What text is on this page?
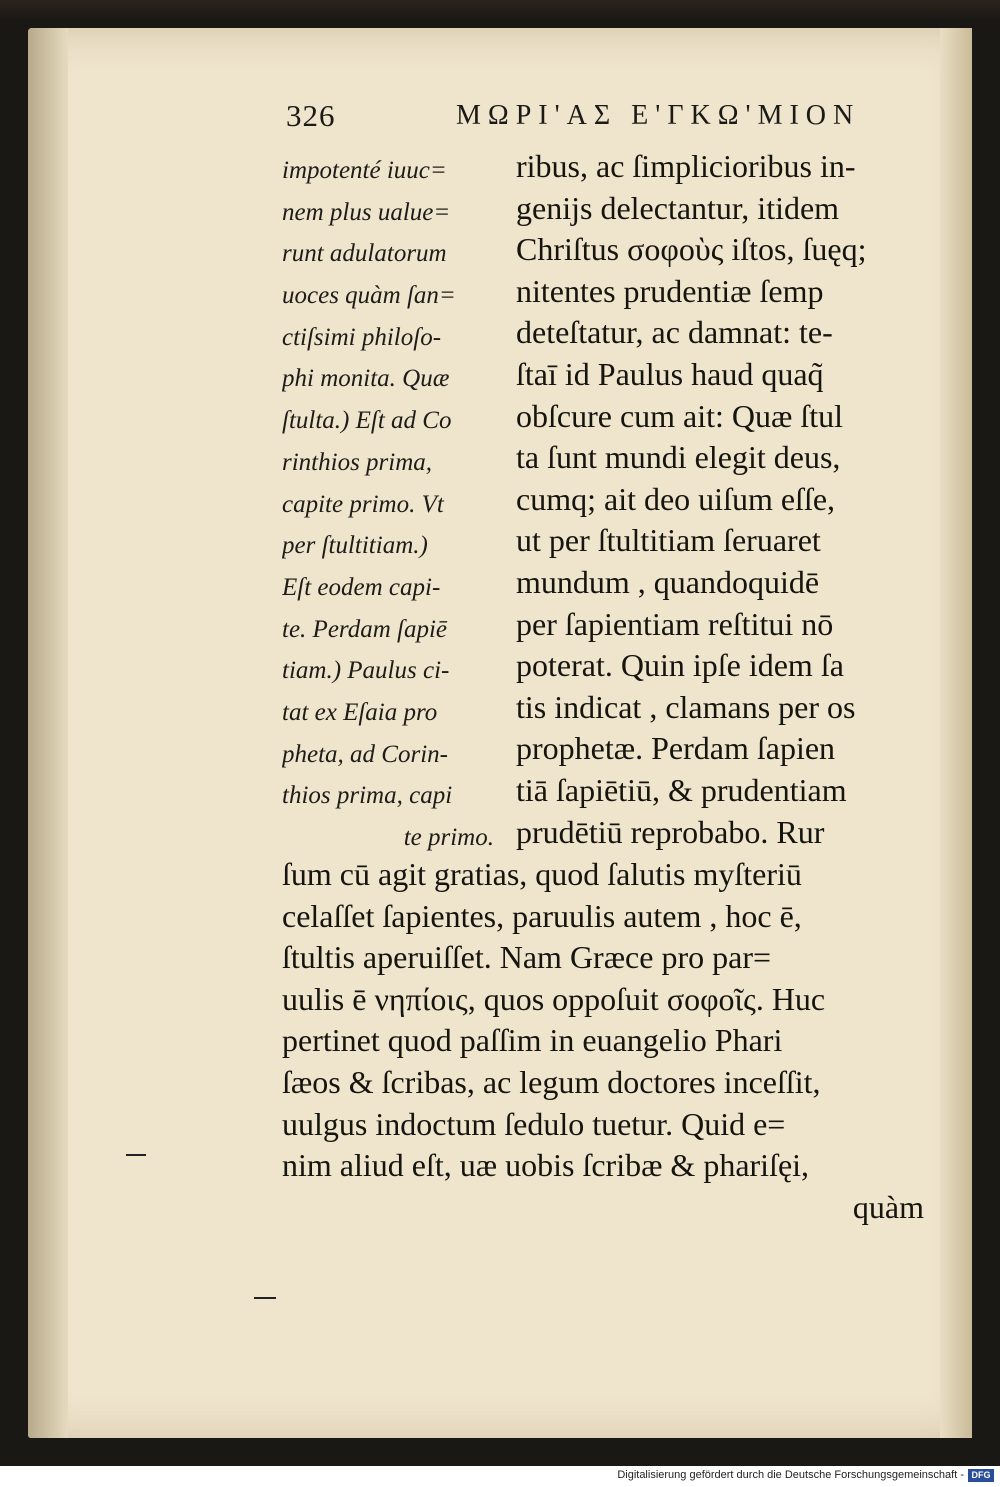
326	ΜΩΡΙ'ΑΣ Ε'ΓΚΩ'ΜΙΟΝ
impotenté iuuc=
nem plus ualue=
runt adulatorum
uoces quàm ſan=
ctiſsimi philoſo-
phi monita. Quæ
ſtulta.) Eſt ad Co
rinthios prima,
capite primo. Vt
per ſtultitiam.)
Eſt eodem capi-
te. Perdam ſapiē
tiam.) Paulus ci-
tat ex Eſaia pro
pheta, ad Corin-
thios prima, capi
te primo.
ribus, ac ſimplicioribus in-
genijs delectantur, itidem
Chriſtus σοφοὺς iſtos, ſuęq;
nitentes prudentiæ ſemp
deteſtatur, ac damnat: te-
ſtaī id Paulus haud quaq̃
obſcure cum ait: Quæ ſtul
ta ſunt mundi elegit deus,
cumq; ait deo uiſum eſſe,
ut per ſtultitiam ſeruaret
mundum , quandoquidē
per ſapientiam reſtitui nō
poterat. Quin ipſe idem ſa
tis indicat , clamans per os
prophetæ. Perdam ſapien
tiā ſapiētiū, & prudentiam
prudētiū reprobabo. Rur
ſum cū agit gratias, quod ſalutis myſteriū
celaſſet ſapientes, paruulis autem , hoc ē,
ſtultis aperuiſſet. Nam Græce pro par=
uulis ē νηπίοις, quos oppoſuit σοφοῖς. Huc
pertinet quod paſſim in euangelio Phari
ſæos & ſcribas, ac legum doctores inceſſit,
uulgus indoctum ſedulo tuetur. Quid e=
nim aliud eſt, uæ uobis ſcribæ & phariſęi,
quàm
Digitalisierung gefördert durch die Deutsche Forschungsgemeinschaft - DFG
